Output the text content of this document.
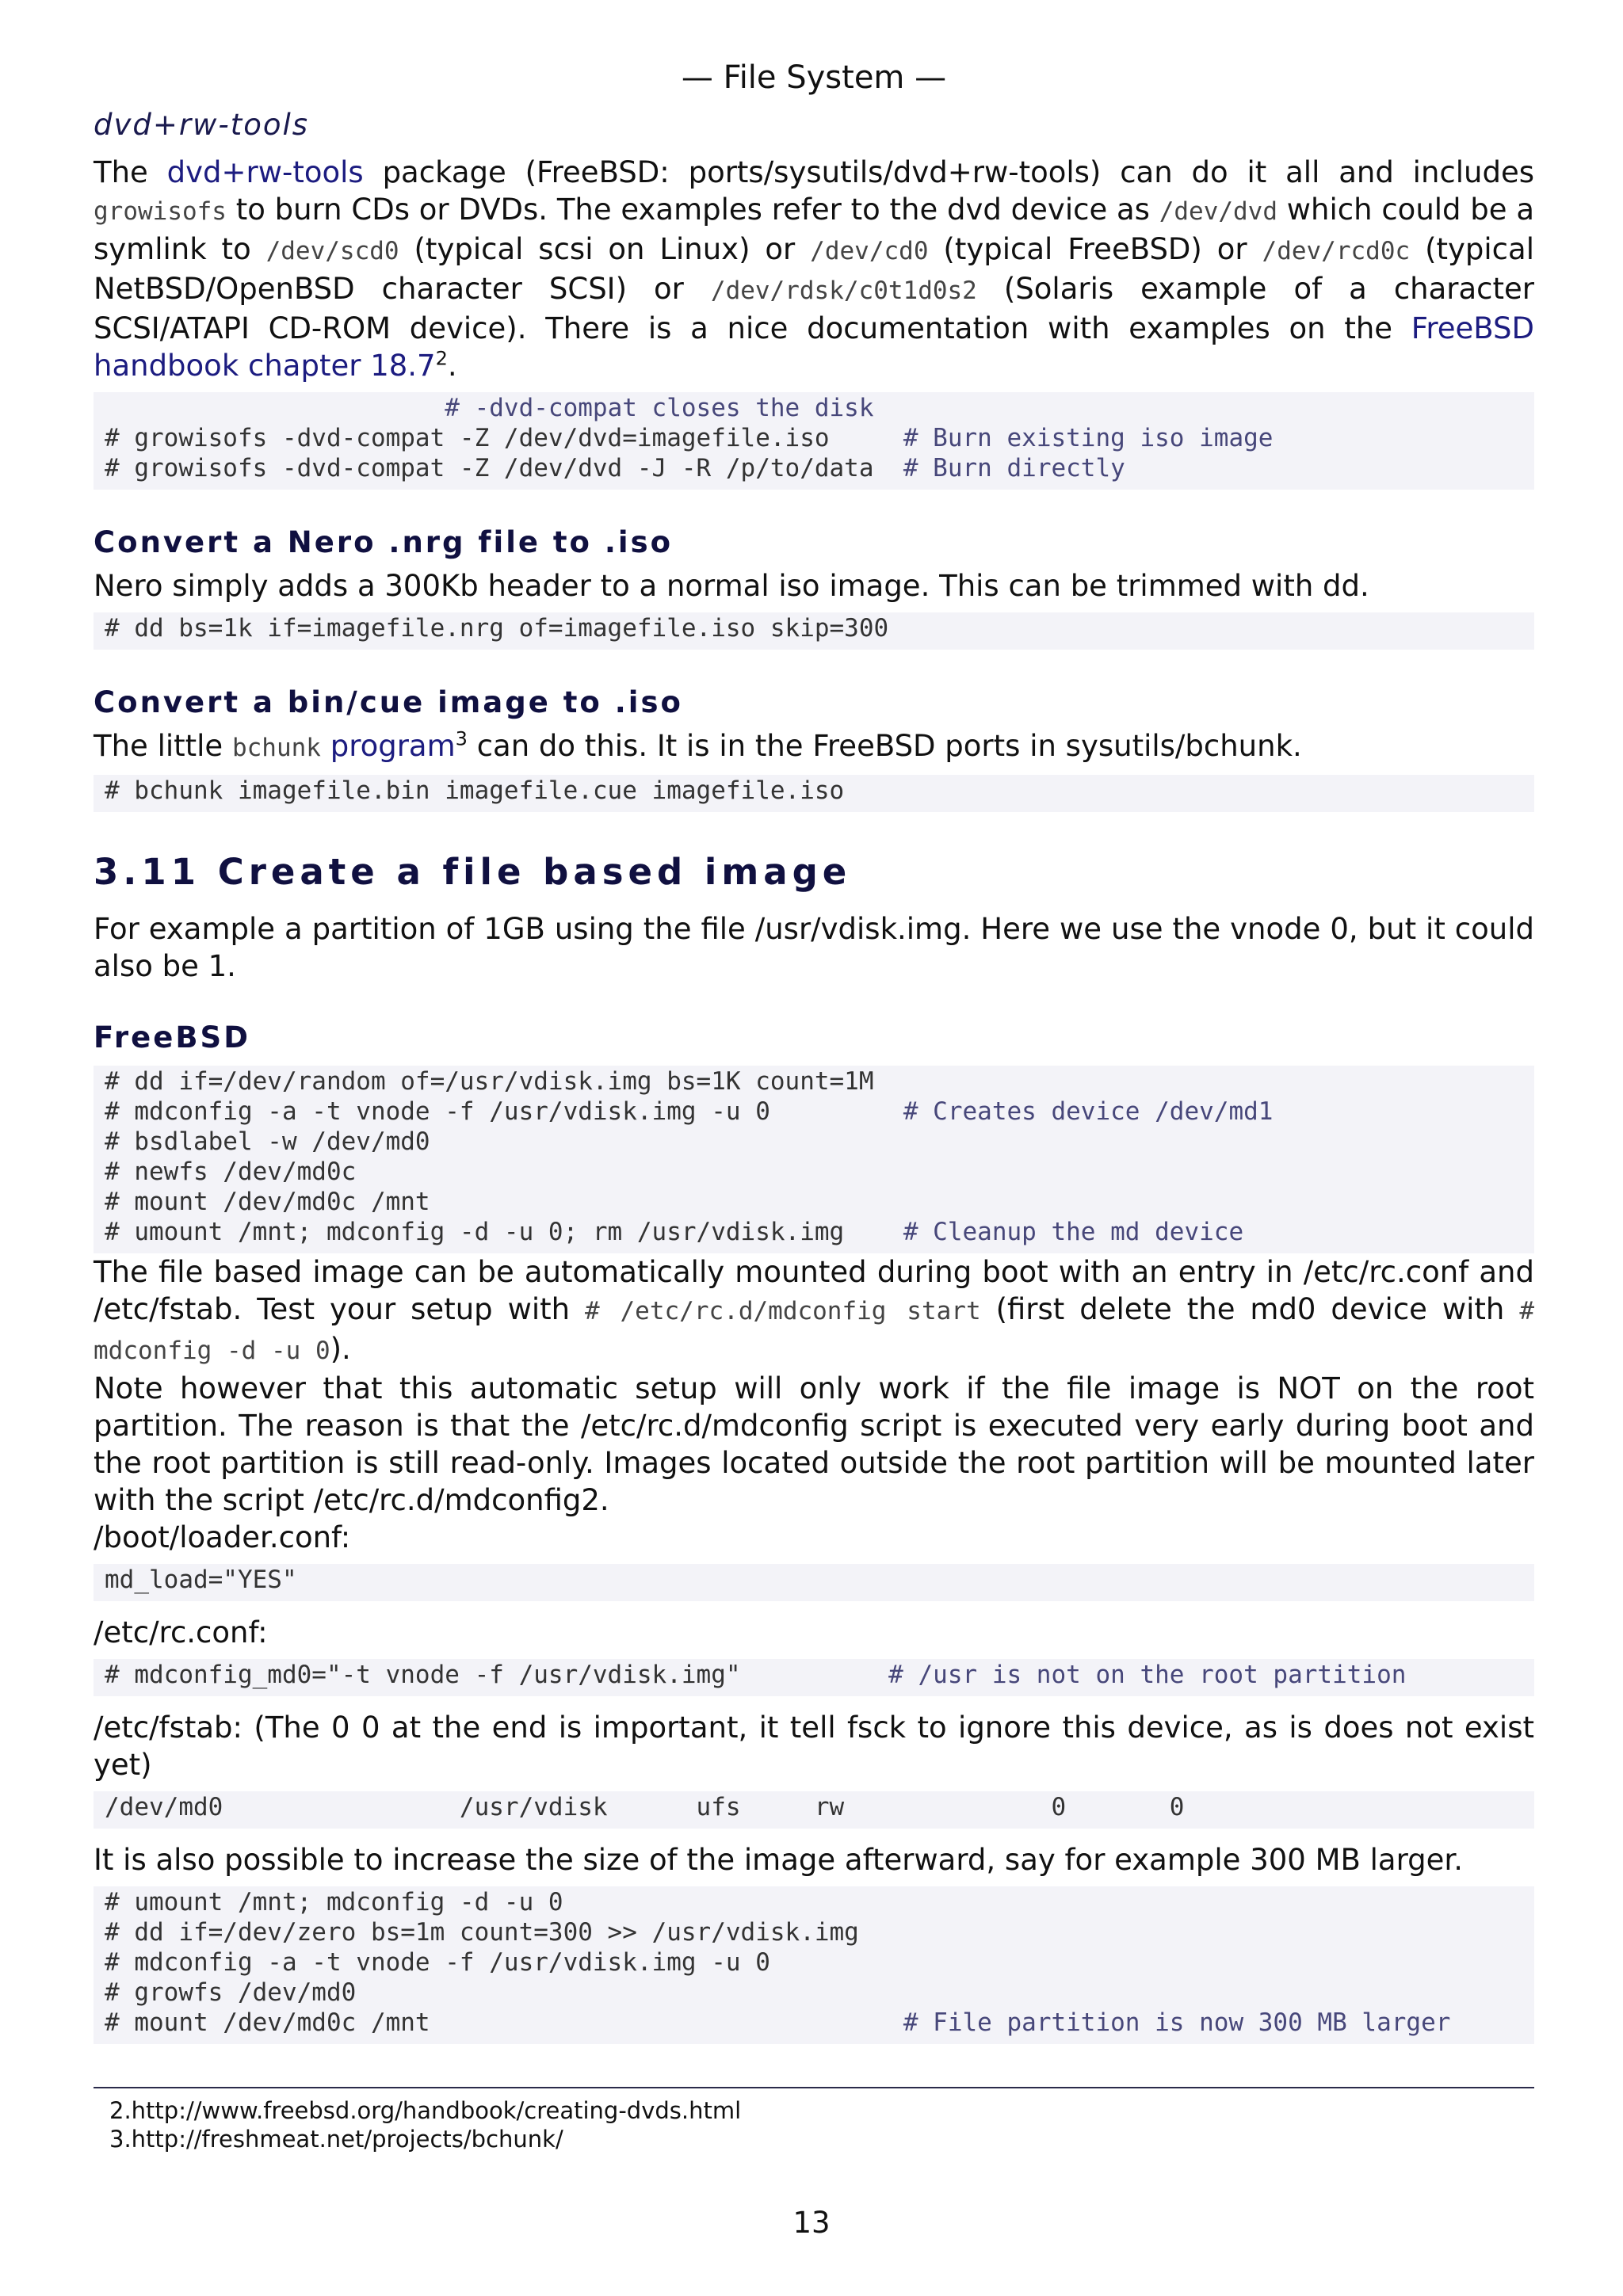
— File System —
dvd+rw-tools

The dvd+rw-tools package (FreeBSD: ports/sysutils/dvd+rw-tools) can do it all and includes growisofs to burn CDs or DVDs. The examples refer to the dvd device as /dev/dvd which could be a symlink to /dev/scd0 (typical scsi on Linux) or /dev/cd0 (typical FreeBSD) or /dev/rcd0c (typical NetBSD/OpenBSD character SCSI) or /dev/rdsk/c0t1d0s2 (Solaris example of a character SCSI/ATAPI CD-ROM device). There is a nice documentation with examples on the FreeBSD handbook chapter 18.7$^2$.

# -dvd-compat closes the disk
# growisofs -dvd-compat -Z /dev/dvd=imagefile.iso     # Burn existing iso image
# growisofs -dvd-compat -Z /dev/dvd -J -R /p/to/data  # Burn directly
Convert a Nero .nrg file to .iso

Nero simply adds a 300Kb header to a normal iso image. This can be trimmed with dd.

# dd bs=1k if=imagefile.nrg of=imagefile.iso skip=300
Convert a bin/cue image to .iso

The little bchunk program$^3$ can do this. It is in the FreeBSD ports in sysutils/bchunk.

# bchunk imagefile.bin imagefile.cue imagefile.iso
3.11 Create a file based image

For example a partition of 1GB using the file /usr/vdisk.img. Here we use the vnode 0, but it could also be 1.

FreeBSD
# dd if=/dev/random of=/usr/vdisk.img bs=1K count=1M
# mdconfig -a -t vnode -f /usr/vdisk.img -u 0         # Creates device /dev/md1
# bsdlabel -w /dev/md0
# newfs /dev/md0c
# mount /dev/md0c /mnt
# umount /mnt; mdconfig -d -u 0; rm /usr/vdisk.img    # Cleanup the md device

The file based image can be automatically mounted during boot with an entry in /etc/rc.conf and /etc/fstab. Test your setup with # /etc/rc.d/mdconfig start (first delete the md0 device with # mdconfig -d -u 0).

Note however that this automatic setup will only work if the file image is NOT on the root partition. The reason is that the /etc/rc.d/mdconfig script is executed very early during boot and the root partition is still read-only. Images located outside the root partition will be mounted later with the script /etc/rc.d/mdconfig2.

/boot/loader.conf:

md_load="YES"

/etc/rc.conf:

# mdconfig_md0="-t vnode -f /usr/vdisk.img"          # /usr is not on the root partition

/etc/fstab: (The 0 0 at the end is important, it tell fsck to ignore this device, as is does not exist yet)

/dev/md0                /usr/vdisk      ufs     rw              0       0

It is also possible to increase the size of the image afterward, say for example 300 MB larger.

# umount /mnt; mdconfig -d -u 0
# dd if=/dev/zero bs=1m count=300 >> /usr/vdisk.img
# mdconfig -a -t vnode -f /usr/vdisk.img -u 0
# growfs /dev/md0
# mount /dev/md0c /mnt                                # File partition is now 300 MB larger
2.http://www.freebsd.org/handbook/creating-dvds.html
3.http://freshmeat.net/projects/bchunk/
13
